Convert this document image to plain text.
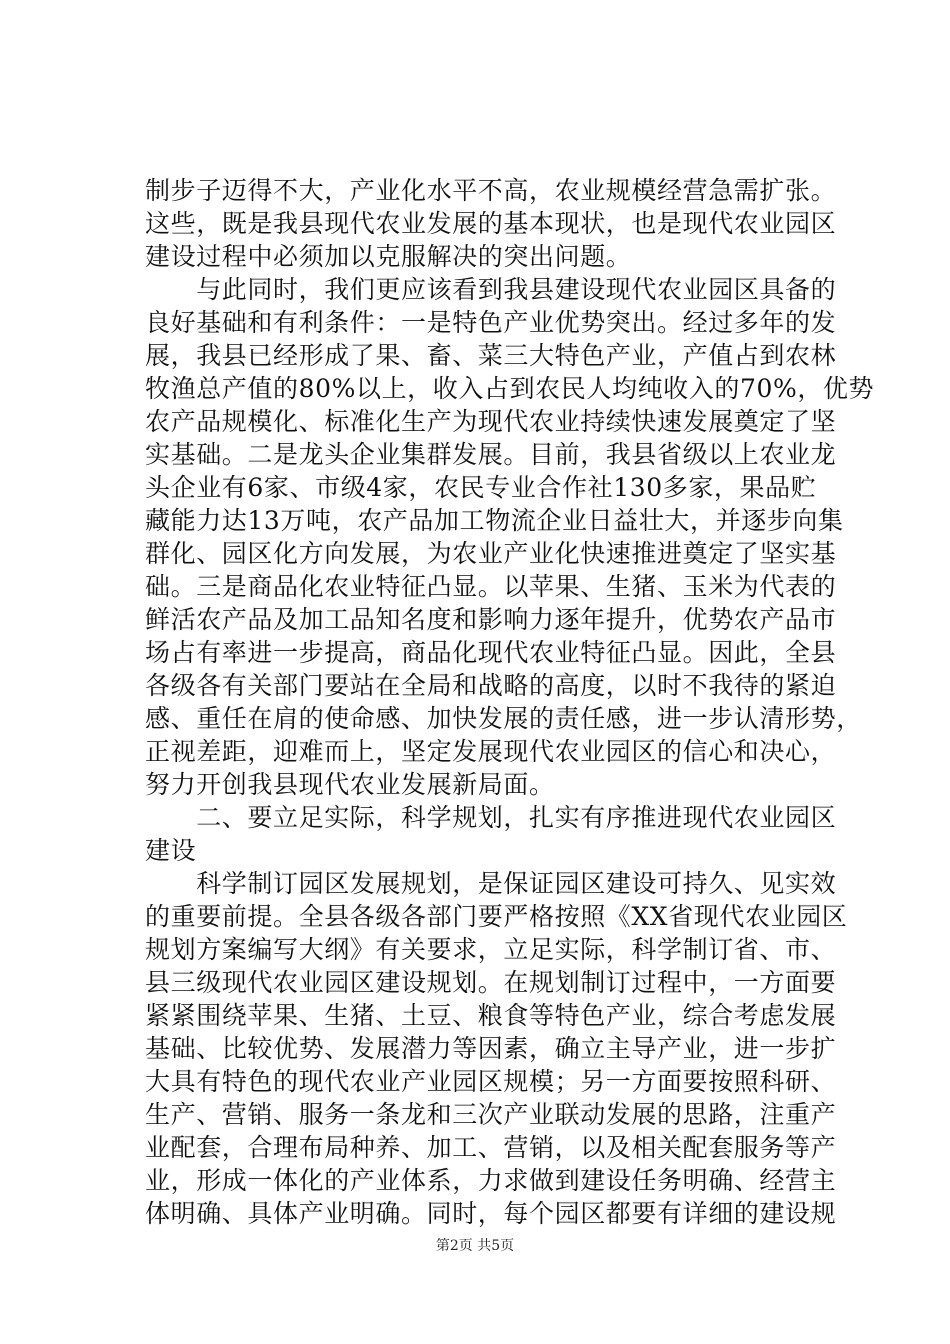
制步子迈得不大，产业化水平不高，农业规模经营急需扩张。
这些，既是我县现代农业发展的基本现状，也是现代农业园区
建设过程中必须加以克服解决的突出问题。
　　与此同时，我们更应该看到我县建设现代农业园区具备的
良好基础和有利条件：一是特色产业优势突出。经过多年的发
展，我县已经形成了果、畜、菜三大特色产业，产值占到农林
牧渔总产值的80%以上，收入占到农民人均纯收入的70%，优势
农产品规模化、标准化生产为现代农业持续快速发展奠定了坚
实基础。二是龙头企业集群发展。目前，我县省级以上农业龙
头企业有6家、市级4家，农民专业合作社130多家，果品贮
藏能力达13万吨，农产品加工物流企业日益壮大，并逐步向集
群化、园区化方向发展，为农业产业化快速推进奠定了坚实基
础。三是商品化农业特征凸显。以苹果、生猪、玉米为代表的
鲜活农产品及加工品知名度和影响力逐年提升，优势农产品市
场占有率进一步提高，商品化现代农业特征凸显。因此，全县
各级各有关部门要站在全局和战略的高度，以时不我待的紧迫
感、重任在肩的使命感、加快发展的责任感，进一步认清形势，
正视差距，迎难而上，坚定发展现代农业园区的信心和决心，
努力开创我县现代农业发展新局面。
　　二、要立足实际，科学规划，扎实有序推进现代农业园区
建设
　　科学制订园区发展规划，是保证园区建设可持久、见实效
的重要前提。全县各级各部门要严格按照《XX省现代农业园区
规划方案编写大纲》有关要求，立足实际，科学制订省、市、
县三级现代农业园区建设规划。在规划制订过程中，一方面要
紧紧围绕苹果、生猪、土豆、粮食等特色产业，综合考虑发展
基础、比较优势、发展潜力等因素，确立主导产业，进一步扩
大具有特色的现代农业产业园区规模；另一方面要按照科研、
生产、营销、服务一条龙和三次产业联动发展的思路，注重产
业配套，合理布局种养、加工、营销，以及相关配套服务等产
业，形成一体化的产业体系，力求做到建设任务明确、经营主
体明确、具体产业明确。同时，每个园区都要有详细的建设规
第2页 共5页
